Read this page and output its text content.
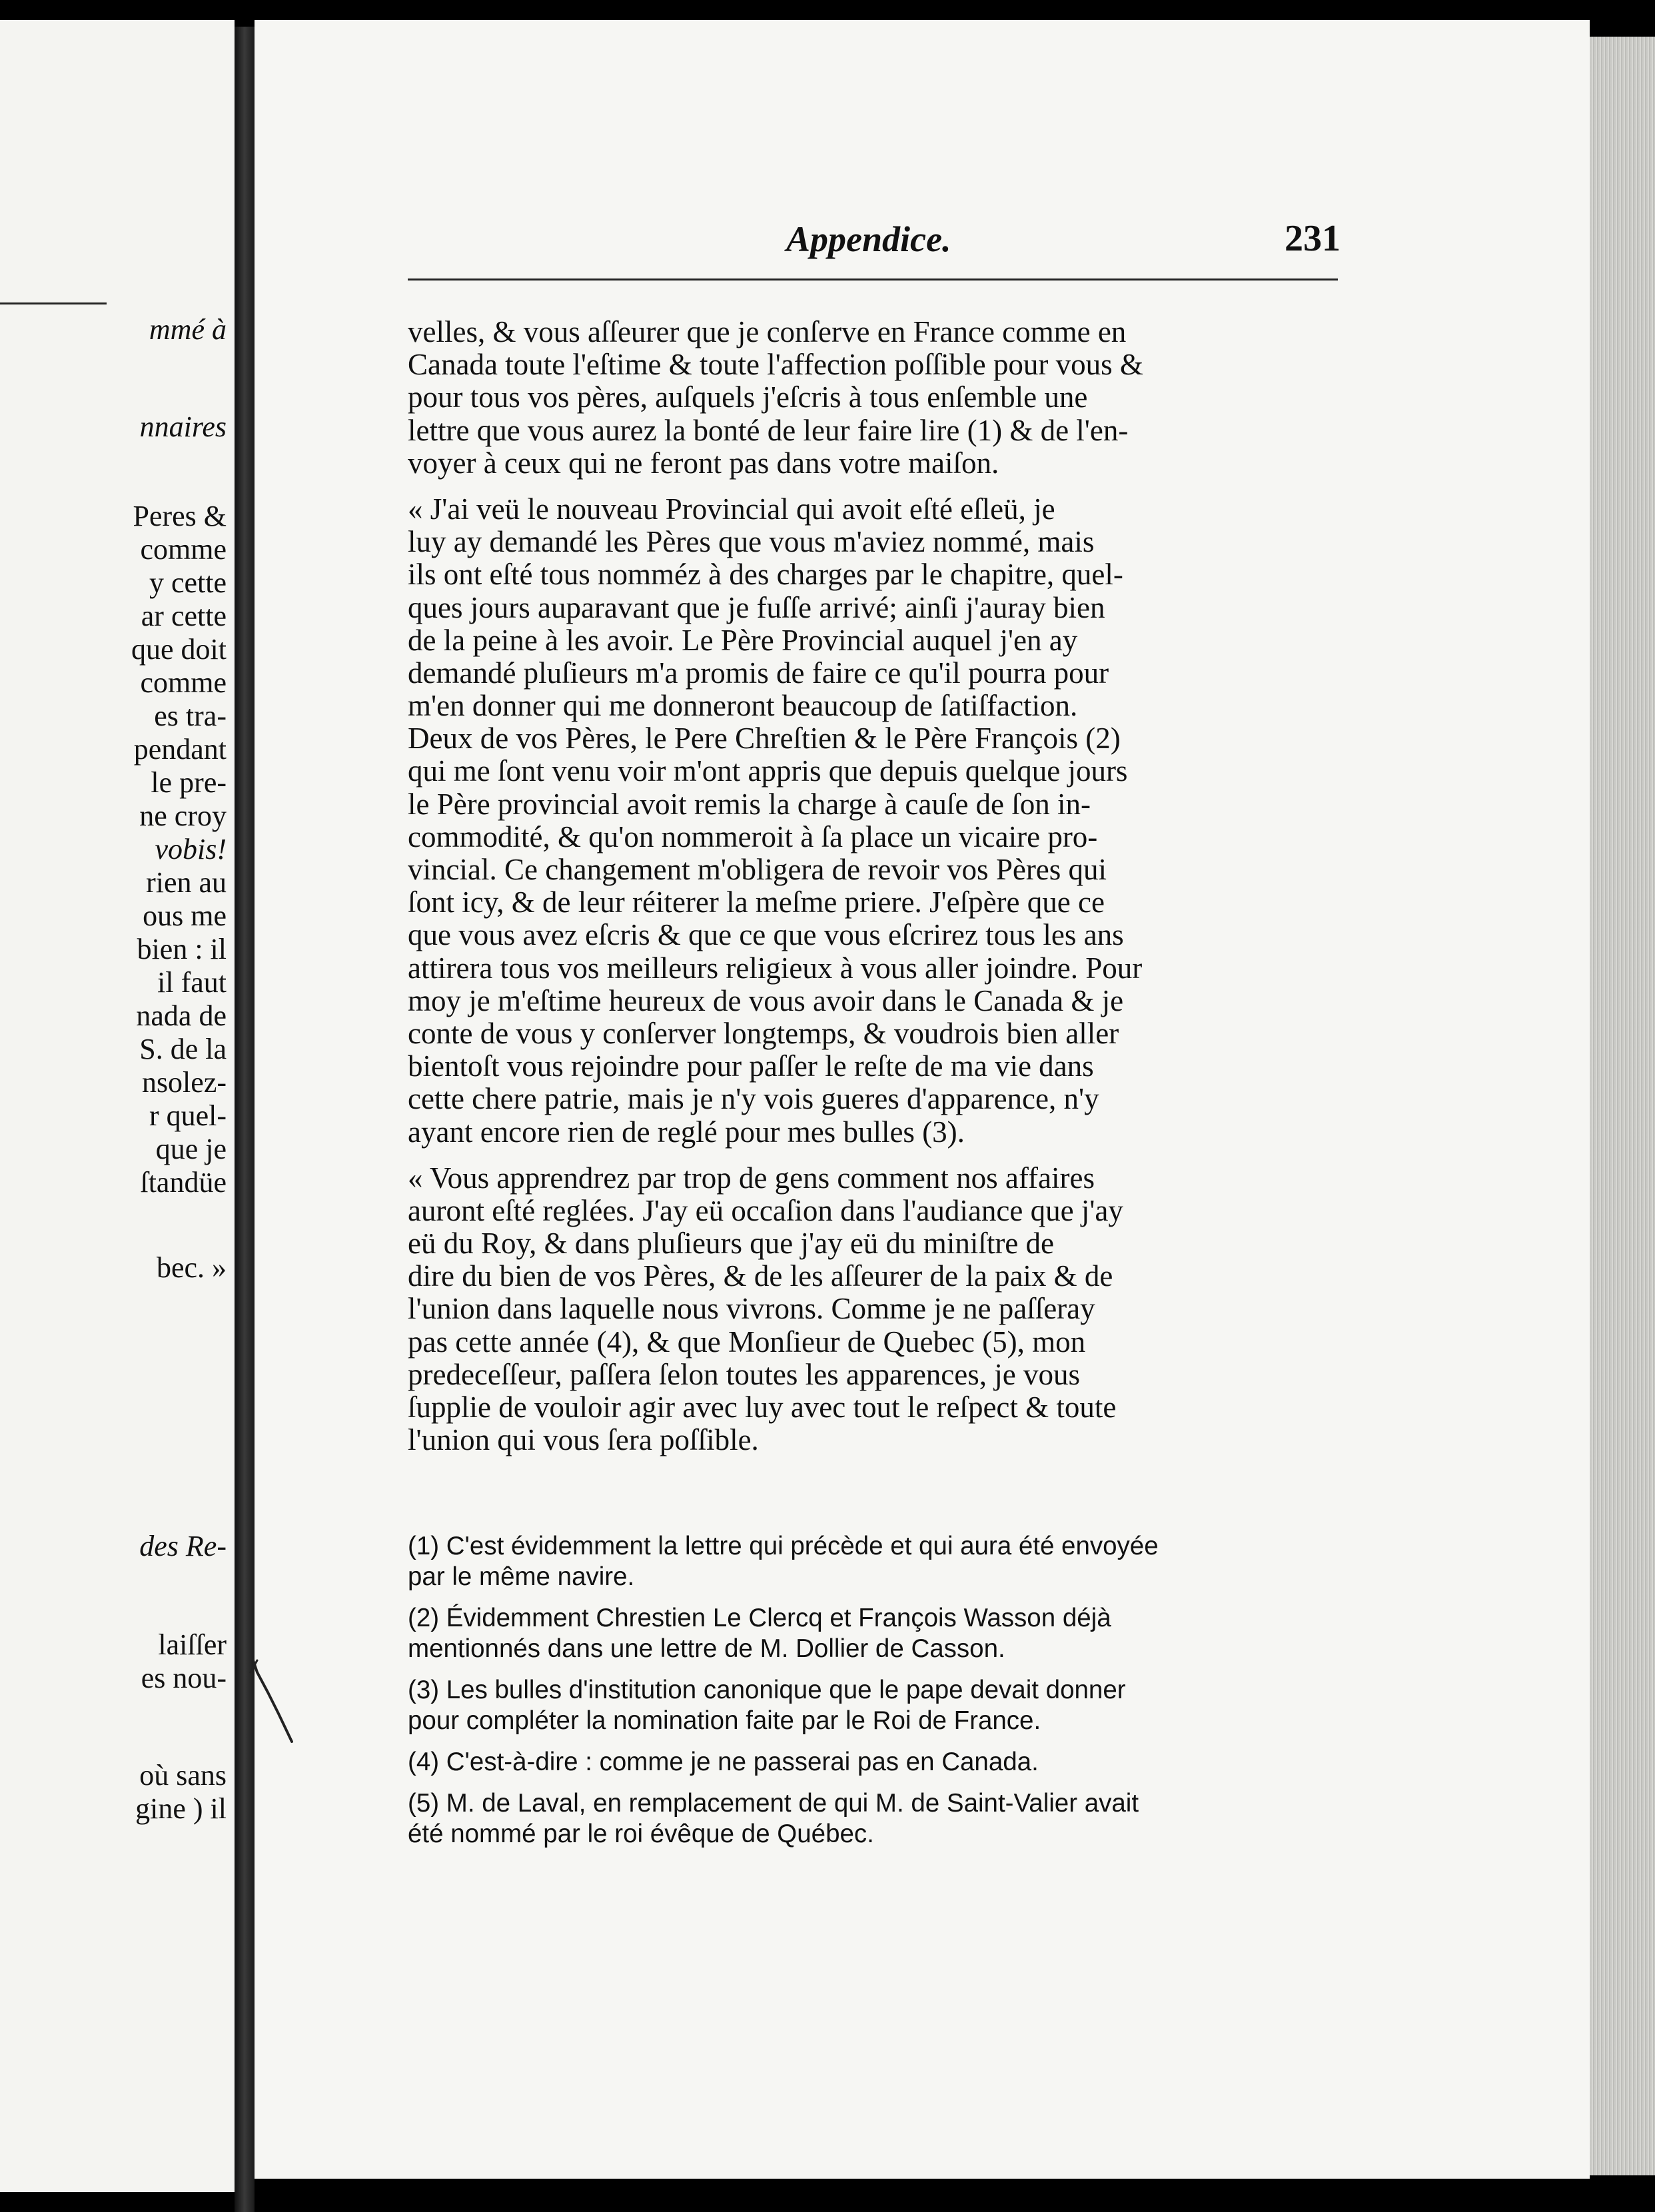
mmé à
nnaires
Peres &
comme
y cette
ar cette
que doit
comme
es tra-
pendant
le pre-
ne croy
vobis!
rien au
ous me
bien : il
il faut
nada de
S. de la
nsolez-
r quel-
que je
ſtandüe
bec. »
des Re-
laiſſer
es nou-
où sans
gine ) il
Appendice.	231
velles, & vous aſſeurer que je conſerve en France comme en
Canada toute l'eſtime & toute l'affection poſſible pour vous &
pour tous vos pères, auſquels j'eſcris à tous enſemble une
lettre que vous aurez la bonté de leur faire lire (1) & de l'en-
voyer à ceux qui ne feront pas dans votre maiſon.
« J'ai veü le nouveau Provincial qui avoit eſté eſleü, je
luy ay demandé les Pères que vous m'aviez nommé, mais
ils ont eſté tous nomméz à des charges par le chapitre, quel-
ques jours auparavant que je fuſſe arrivé; ainſi j'auray bien
de la peine à les avoir. Le Père Provincial auquel j'en ay
demandé pluſieurs m'a promis de faire ce qu'il pourra pour
m'en donner qui me donneront beaucoup de ſatiſfaction.
Deux de vos Pères, le Pere Chreſtien & le Père François (2)
qui me ſont venu voir m'ont appris que depuis quelque jours
le Père provincial avoit remis la charge à cauſe de ſon in-
commodité, & qu'on nommeroit à ſa place un vicaire pro-
vincial. Ce changement m'obligera de revoir vos Pères qui
ſont icy, & de leur réiterer la meſme priere. J'eſpère que ce
que vous avez eſcris & que ce que vous eſcrirez tous les ans
attirera tous vos meilleurs religieux à vous aller joindre. Pour
moy je m'eſtime heureux de vous avoir dans le Canada & je
conte de vous y conſerver longtemps, & voudrois bien aller
bientoſt vous rejoindre pour paſſer le reſte de ma vie dans
cette chere patrie, mais je n'y vois gueres d'apparence, n'y
ayant encore rien de reglé pour mes bulles (3).
« Vous apprendrez par trop de gens comment nos affaires
auront eſté reglées. J'ay eü occaſion dans l'audiance que j'ay
eü du Roy, & dans pluſieurs que j'ay eü du miniſtre de
dire du bien de vos Pères, & de les aſſeurer de la paix & de
l'union dans laquelle nous vivrons. Comme je ne paſſeray
pas cette année (4), & que Monſieur de Quebec (5), mon
predeceſſeur, paſſera ſelon toutes les apparences, je vous
ſupplie de vouloir agir avec luy avec tout le reſpect & toute
l'union qui vous ſera poſſible.
(1) C'est évidemment la lettre qui précède et qui aura été envoyée
par le même navire.
(2) Évidemment Chrestien Le Clercq et François Wasson déjà
mentionnés dans une lettre de M. Dollier de Casson.
(3) Les bulles d'institution canonique que le pape devait donner
pour compléter la nomination faite par le Roi de France.
(4) C'est-à-dire : comme je ne passerai pas en Canada.
(5) M. de Laval, en remplacement de qui M. de Saint-Valier avait
été nommé par le roi évêque de Québec.
